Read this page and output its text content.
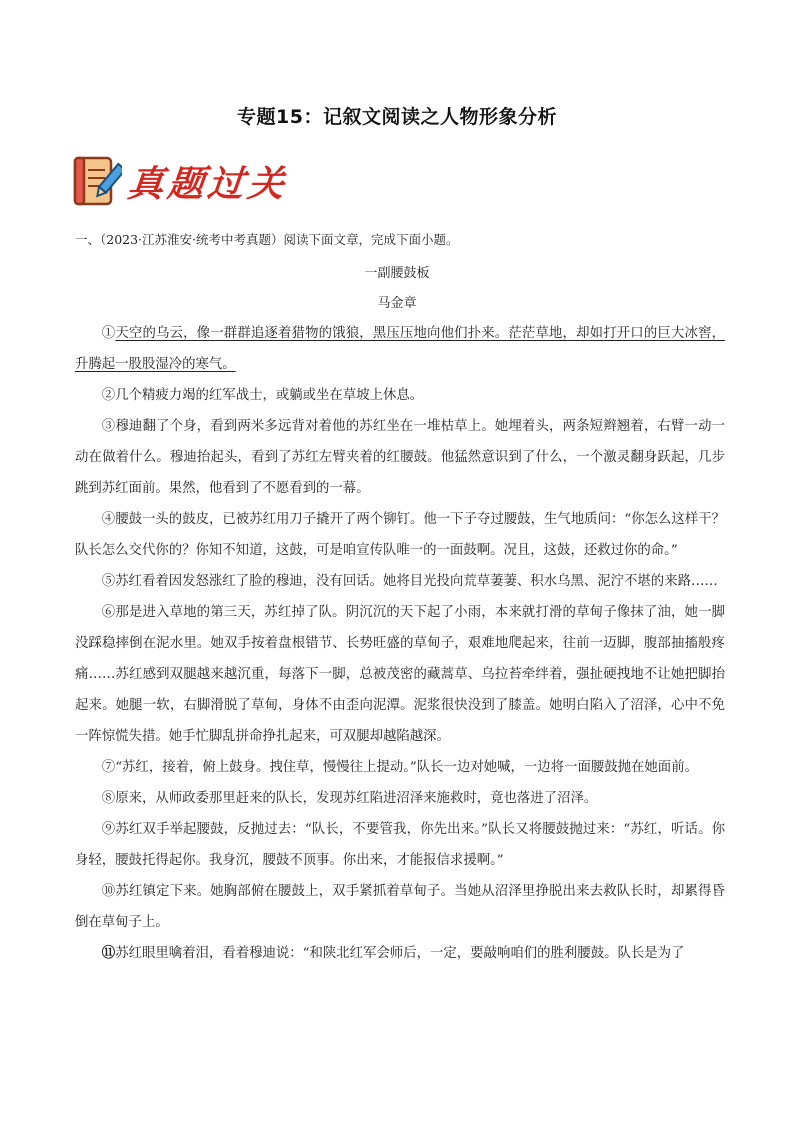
专题15：记叙文阅读之人物形象分析
真题过关
一、（2023·江苏淮安·统考中考真题）阅读下面文章，完成下面小题。
一副腰鼓板
马金章

①天空的乌云，像一群群追逐着猎物的饿狼，黑压压地向他们扑来。茫茫草地，却如打开口的巨大冰窖，升腾起一股股湿冷的寒气。

②几个精疲力竭的红军战士，或躺或坐在草坡上休息。

③穆迪翻了个身，看到两米多远背对着他的苏红坐在一堆枯草上。她埋着头，两条短辫翘着，右臂一动一动在做着什么。穆迪抬起头，看到了苏红左臂夹着的红腰鼓。他猛然意识到了什么，一个激灵翻身跃起，几步跳到苏红面前。果然，他看到了不愿看到的一幕。

④腰鼓一头的鼓皮，已被苏红用刀子撬开了两个铆钉。他一下子夺过腰鼓，生气地质问：“你怎么这样干？队长怎么交代你的？你知不知道，这鼓，可是咱宣传队唯一的一面鼓啊。况且，这鼓，还救过你的命。”

⑤苏红看着因发怒涨红了脸的穆迪，没有回话。她将目光投向荒草萋萋、积水乌黑、泥泞不堪的来路……

⑥那是进入草地的第三天，苏红掉了队。阴沉沉的天下起了小雨，本来就打滑的草甸子像抹了油，她一脚没踩稳摔倒在泥水里。她双手按着盘根错节、长势旺盛的草甸子，艰难地爬起来，往前一迈脚，腹部抽搐般疼痛……苏红感到双腿越来越沉重，每落下一脚，总被茂密的藏蒿草、乌拉苔牵绊着，强扯硬拽地不让她把脚抬起来。她腿一软，右脚滑脱了草甸，身体不由歪向泥潭。泥浆很快没到了膝盖。她明白陷入了沼泽，心中不免一阵惊慌失措。她手忙脚乱拼命挣扎起来，可双腿却越陷越深。

⑦“苏红，接着，俯上鼓身。拽住草，慢慢往上提动。”队长一边对她喊，一边将一面腰鼓抛在她面前。

⑧原来，从师政委那里赶来的队长，发现苏红陷进沼泽来施救时，竟也落进了沼泽。

⑨苏红双手举起腰鼓，反抛过去：“队长，不要管我，你先出来。”队长又将腰鼓抛过来：“苏红，听话。你身轻，腰鼓托得起你。我身沉，腰鼓不顶事。你出来，才能报信求援啊。”

⑩苏红镇定下来。她胸部俯在腰鼓上，双手紧抓着草甸子。当她从沼泽里挣脱出来去救队长时，却累得昏倒在草甸子上。

⑪苏红眼里噙着泪，看着穆迪说：“和陕北红军会师后，一定，要敲响咱们的胜利腰鼓。队长是为了
